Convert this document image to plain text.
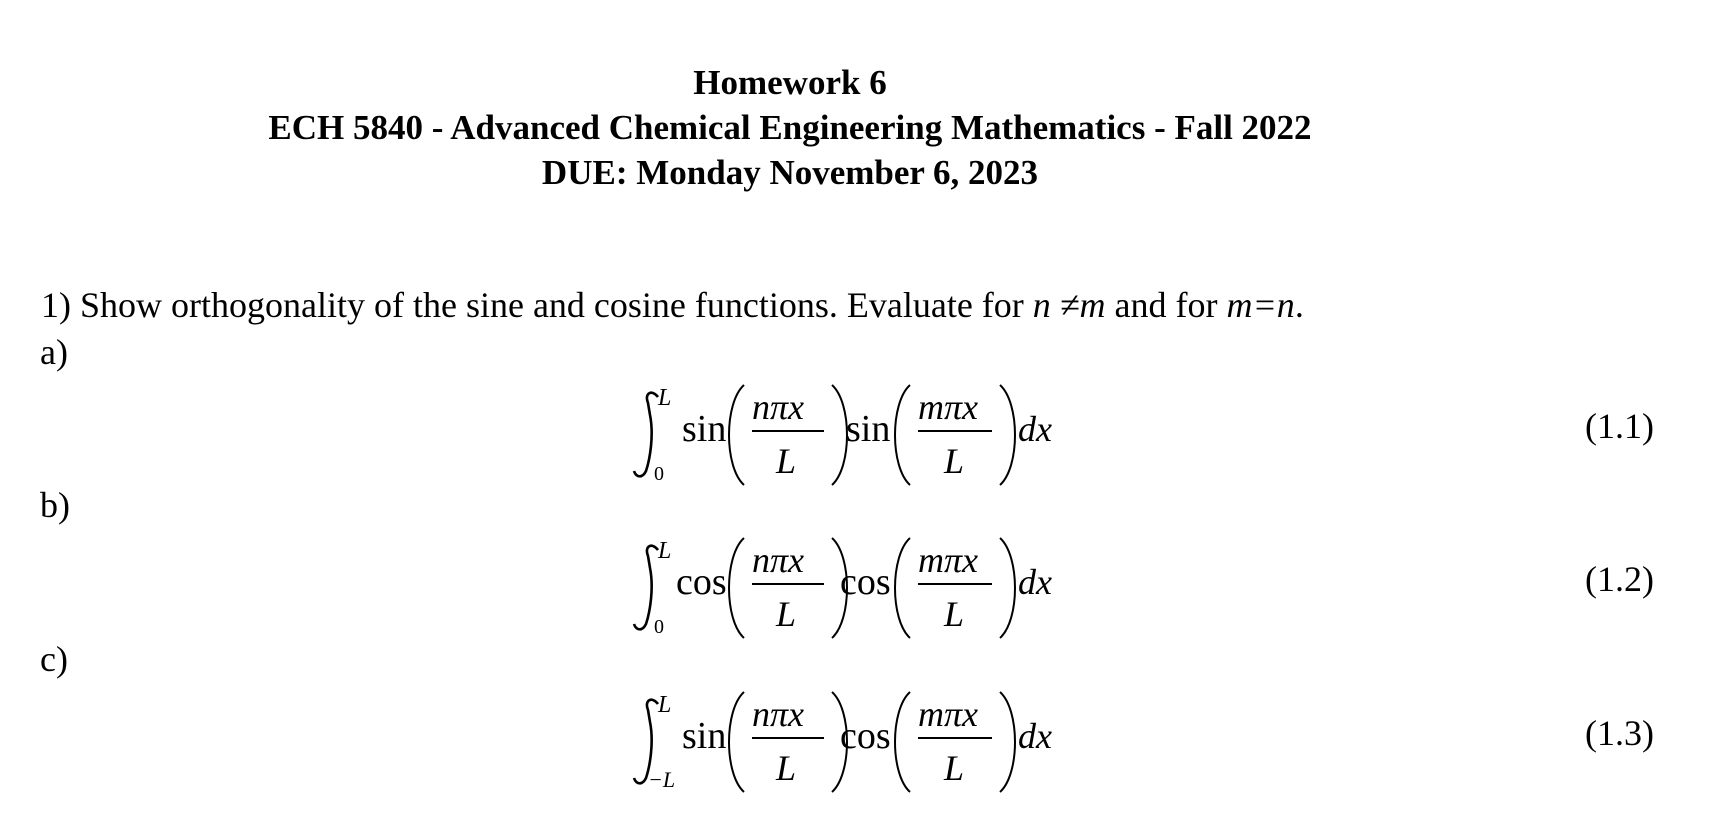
Homework 6
ECH 5840 - Advanced Chemical Engineering Mathematics - Fall 2022
DUE: Monday November 6, 2023
1) Show orthogonality of the sine and cosine functions. Evaluate for n ≠m and for m=n.
a)
L
0
sin
nπx
L
sin
mπx
L
dx	(1.1)
b)
L
0
cos
nπx
L
cos
mπx
L
dx	(1.2)
c)
L
−L
sin
nπx
L
cos
mπx
L
dx	(1.3)
